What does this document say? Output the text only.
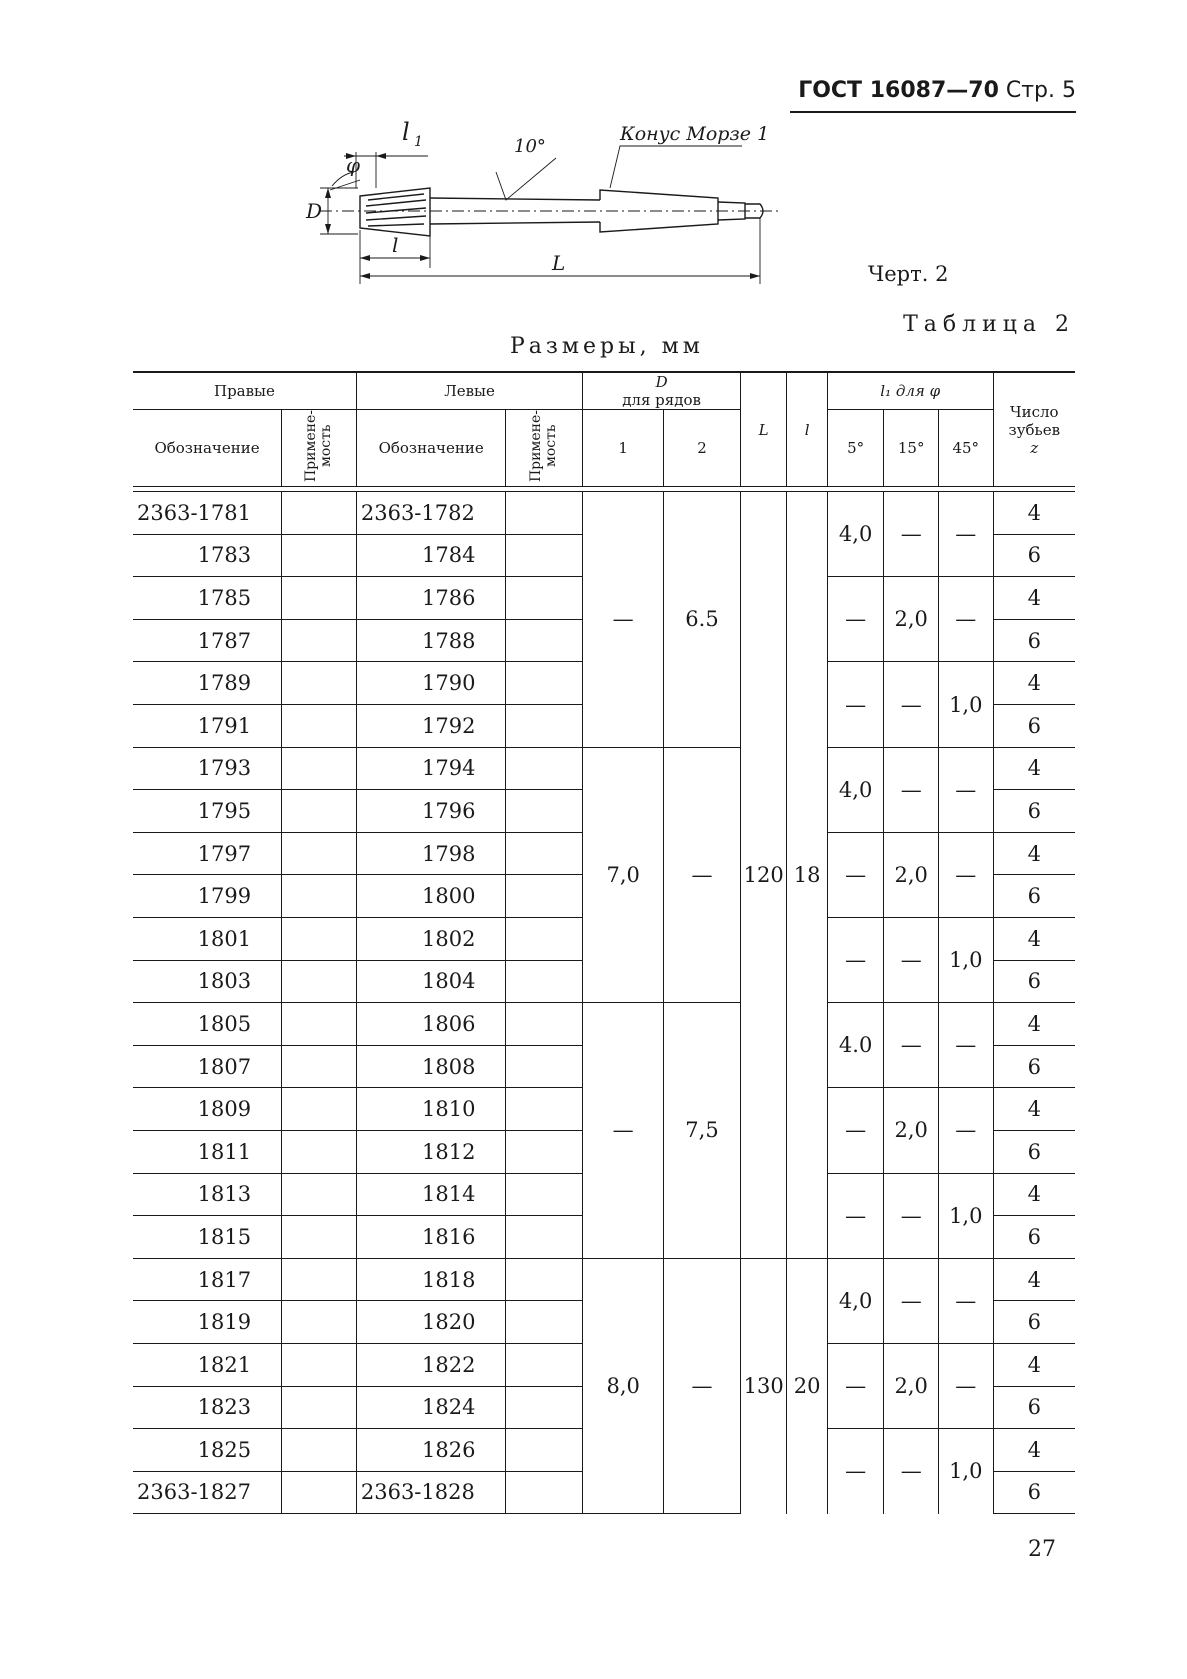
ГОСТ 16087—70 Стр. 5
l 1
φ
10°
Конус Морзе 1
D
l
L	Черт. 2
Таблица 2
Размеры, мм
Правые		Левые		D
для рядов		L	l	l₁ для φ			Число зубьев
z
Обозначение	Примене- мость	Обозначение	Примене- мость								
				1	2			5°	15°	45°	

2363-1781		2363-1782		—	6.5	120	18	4,0	—	—	4
1783		1784									6
1785		1786						—	2,0	—	4
1787		1788									6
1789		1790						—	—	1,0	4
1791		1792									6
1793		1794		7,0	—			4,0	—	—	4
1795		1796									6
1797		1798						—	2,0	—	4
1799		1800									6
1801		1802						—	—	1,0	4
1803		1804									6
1805		1806		—	7,5			4.0	—	—	4
1807		1808									6
1809		1810						—	2,0	—	4
1811		1812									6
1813		1814						—	—	1,0	4
1815		1816									6
1817		1818		8,0	—	130	20	4,0	—	—	4
1819		1820									6
1821		1822						—	2,0	—	4
1823		1824									6
1825		1826						—	—	1,0	4
2363-1827		2363-1828									6
27
